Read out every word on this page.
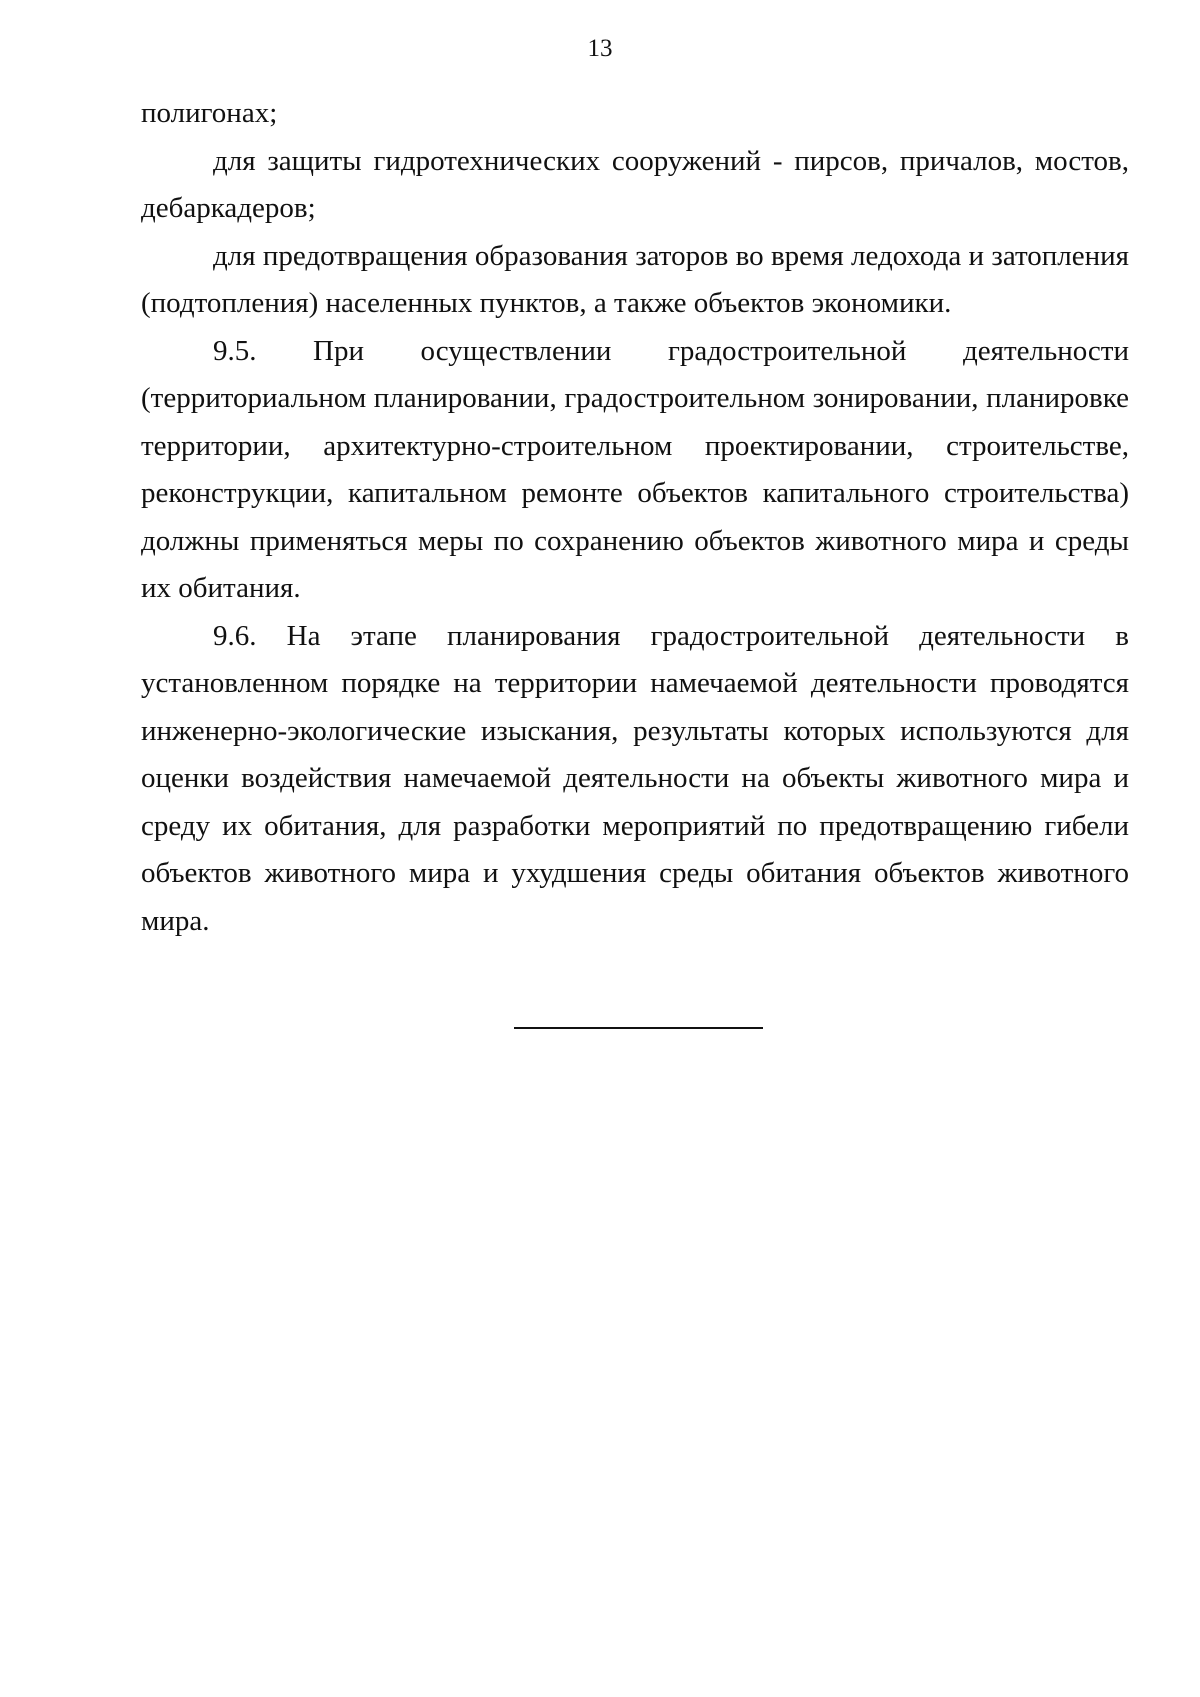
13

полигонах;

для защиты гидротехнических сооружений - пирсов, причалов, мостов, дебаркадеров;

для предотвращения образования заторов во время ледохода и затопления (подтопления) населенных пунктов, а также объектов экономики.

9.5. При осуществлении градостроительной деятельности (территориальном планировании, градостроительном зонировании, планировке территории, архитектурно-строительном проектировании, строительстве, реконструкции, капитальном ремонте объектов капитального строительства) должны применяться меры по сохранению объектов животного мира и среды их обитания.

9.6. На этапе планирования градостроительной деятельности в установленном порядке на территории намечаемой деятельности проводятся инженерно-экологические изыскания, результаты которых используются для оценки воздействия намечаемой деятельности на объекты животного мира и среду их обитания, для разработки мероприятий по предотвращению гибели объектов животного мира и ухудшения среды обитания объектов животного мира.
